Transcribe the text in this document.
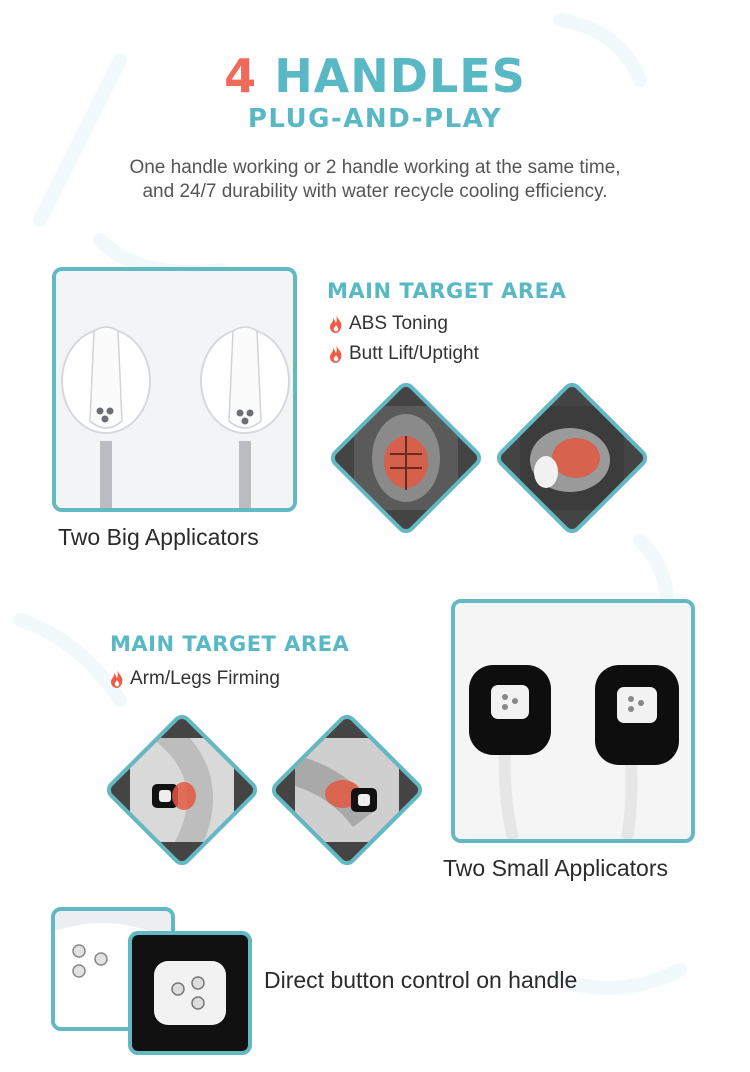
4 HANDLES
PLUG-AND-PLAY
One handle working or 2 handle working at the same time,
and 24/7 durability with water recycle cooling efficiency.
Two Big Applicators
MAIN TARGET AREA
ABS Toning
Butt Lift/Uptight
MAIN TARGET AREA
Arm/Legs Firming
Two Small Applicators
Direct button control on handle
